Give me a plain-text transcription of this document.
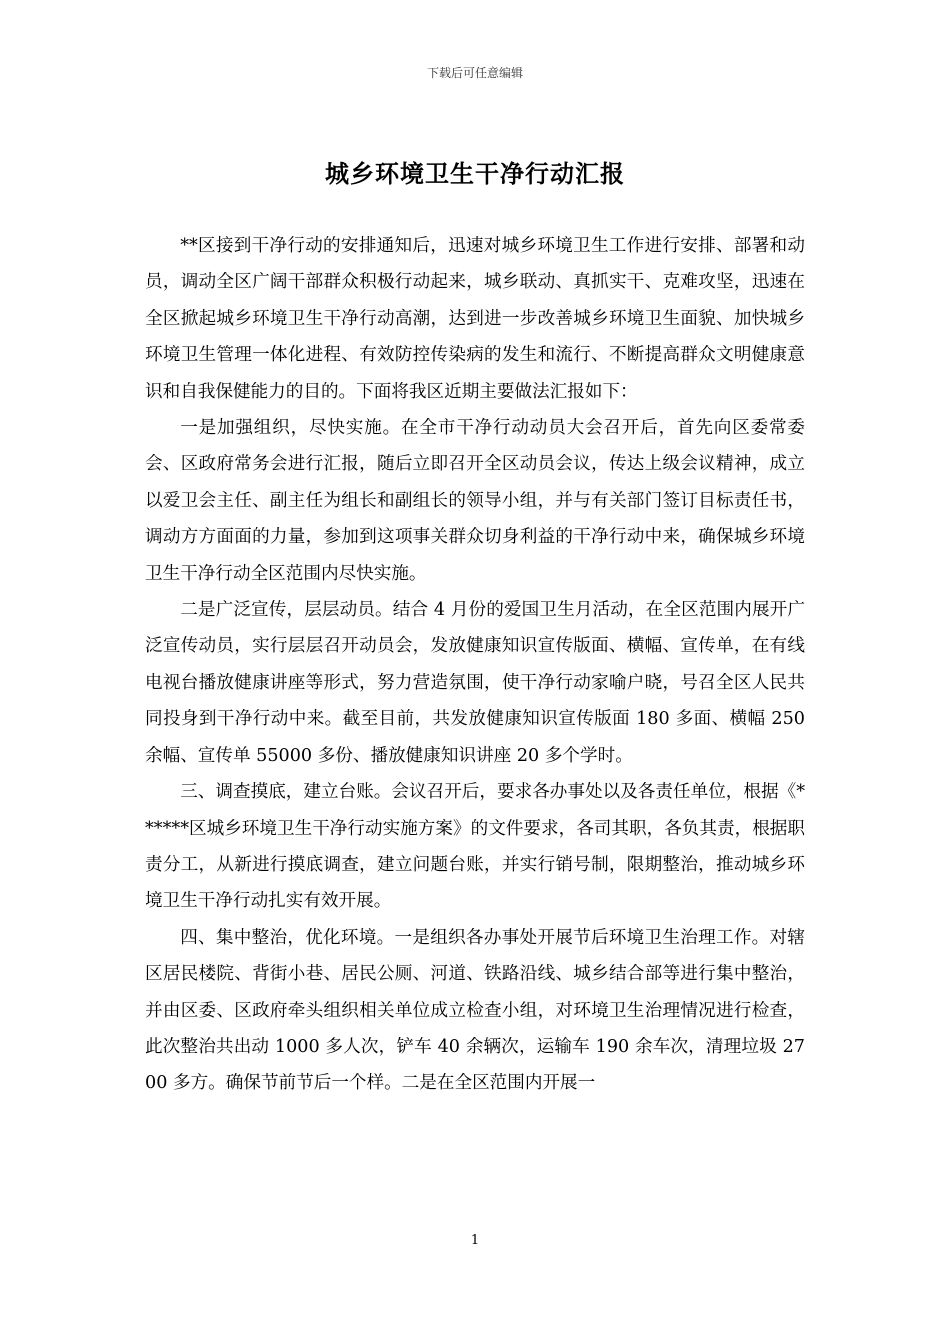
下载后可任意编辑
城乡环境卫生干净行动汇报

**区接到干净行动的安排通知后，迅速对城乡环境卫生工作进行安排、部署和动员，调动全区广阔干部群众积极行动起来，城乡联动、真抓实干、克难攻坚，迅速在全区掀起城乡环境卫生干净行动高潮，达到进一步改善城乡环境卫生面貌、加快城乡环境卫生管理一体化进程、有效防控传染病的发生和流行、不断提高群众文明健康意识和自我保健能力的目的。下面将我区近期主要做法汇报如下：

一是加强组织，尽快实施。在全市干净行动动员大会召开后，首先向区委常委会、区政府常务会进行汇报，随后立即召开全区动员会议，传达上级会议精神，成立以爱卫会主任、副主任为组长和副组长的领导小组，并与有关部门签订目标责任书，调动方方面面的力量，参加到这项事关群众切身利益的干净行动中来，确保城乡环境卫生干净行动全区范围内尽快实施。

二是广泛宣传，层层动员。结合 4 月份的爱国卫生月活动，在全区范围内展开广泛宣传动员，实行层层召开动员会，发放健康知识宣传版面、横幅、宣传单，在有线电视台播放健康讲座等形式，努力营造氛围，使干净行动家喻户晓，号召全区人民共同投身到干净行动中来。截至目前，共发放健康知识宣传版面 180 多面、横幅 250 余幅、宣传单 55000 多份、播放健康知识讲座 20 多个学时。

三、调查摸底，建立台账。会议召开后，要求各办事处以及各责任单位，根据《******区城乡环境卫生干净行动实施方案》的文件要求，各司其职，各负其责，根据职责分工，从新进行摸底调查，建立问题台账，并实行销号制，限期整治，推动城乡环境卫生干净行动扎实有效开展。

四、集中整治，优化环境。一是组织各办事处开展节后环境卫生治理工作。对辖区居民楼院、背街小巷、居民公厕、河道、铁路沿线、城乡结合部等进行集中整治，并由区委、区政府牵头组织相关单位成立检查小组，对环境卫生治理情况进行检查，此次整治共出动 1000 多人次，铲车 40 余辆次，运输车 190 余车次，清理垃圾 2700 多方。确保节前节后一个样。二是在全区范围内开展一

1
